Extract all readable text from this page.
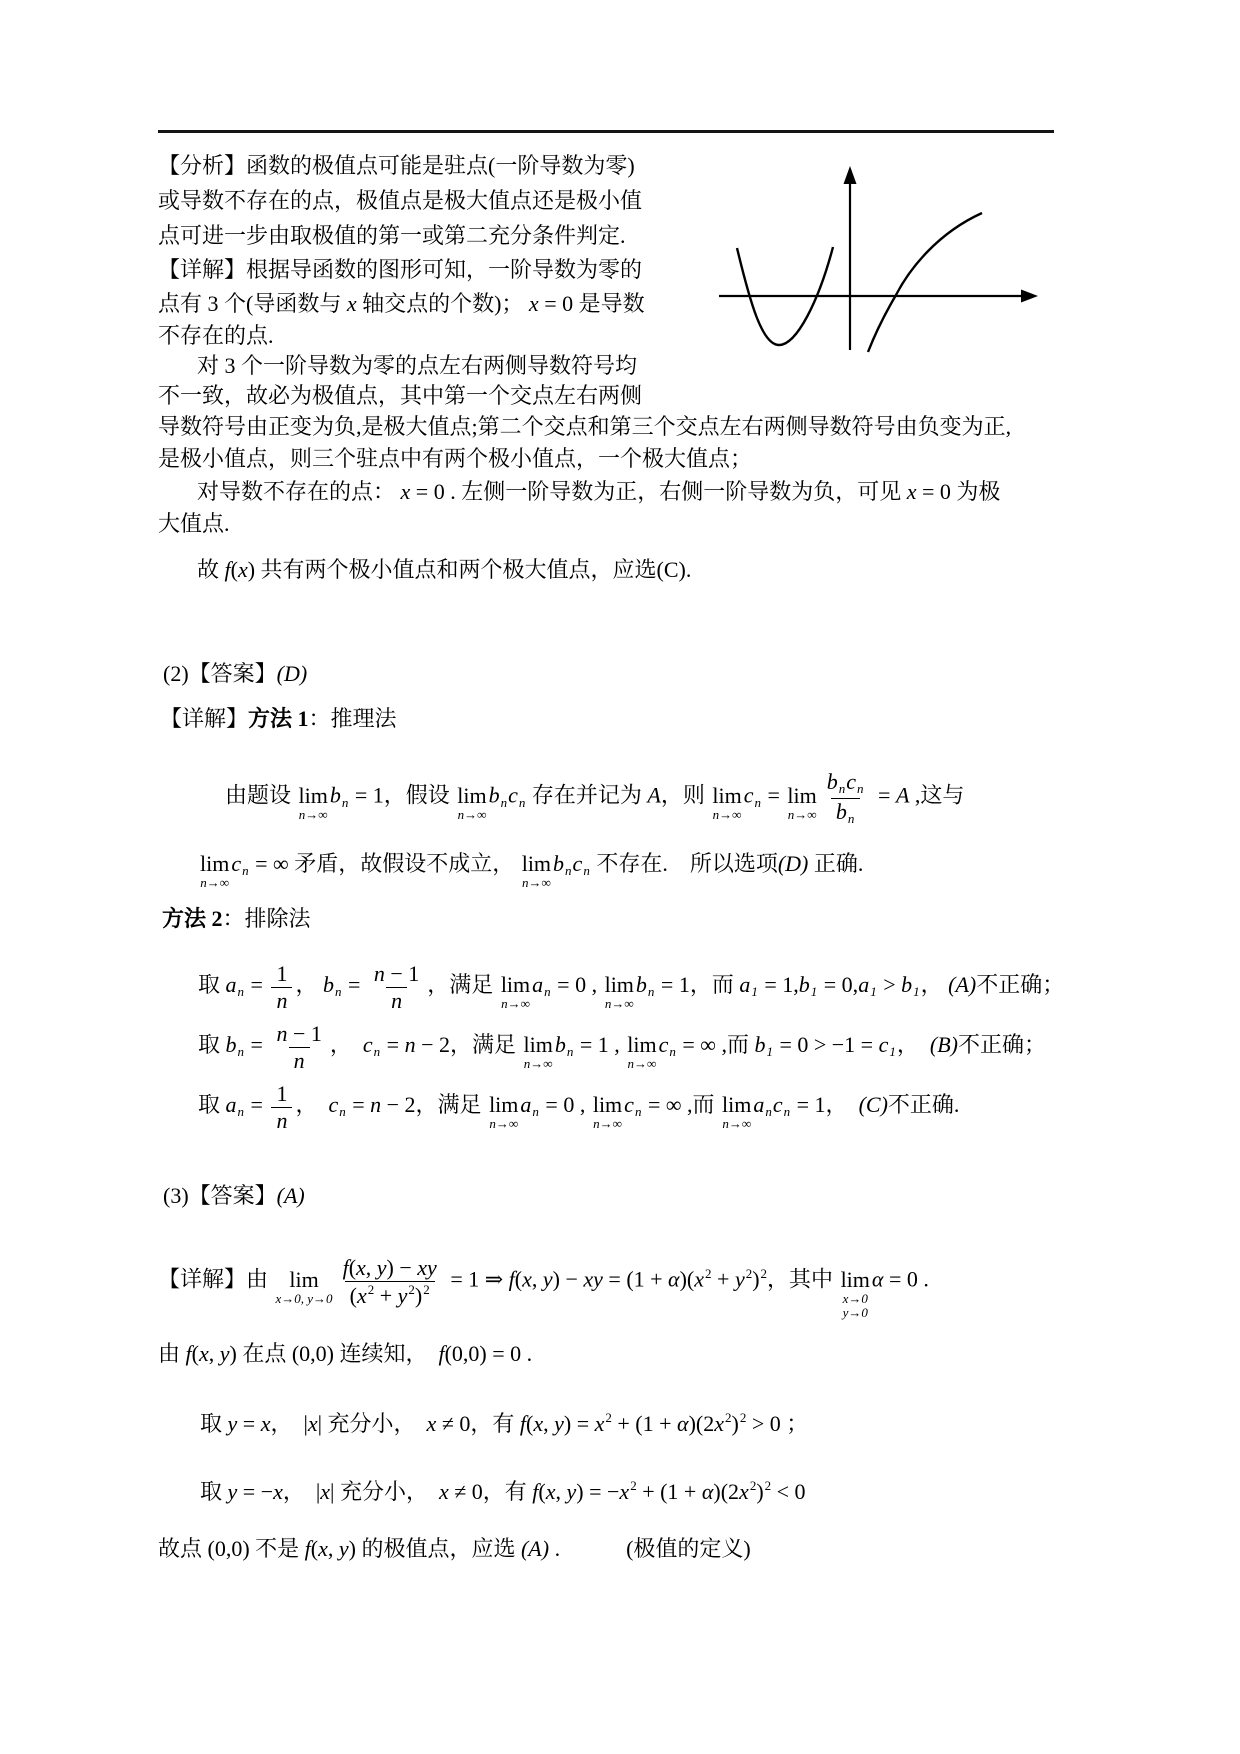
【分析】函数的极值点可能是驻点(一阶导数为零)
或导数不存在的点，极值点是极大值点还是极小值
点可进一步由取极值的第一或第二充分条件判定.
【详解】根据导函数的图形可知，一阶导数为零的
点有 3 个(导函数与 x 轴交点的个数)； x = 0 是导数
不存在的点.
对 3 个一阶导数为零的点左右两侧导数符号均
不一致，故必为极值点，其中第一个交点左右两侧
导数符号由正变为负,是极大值点;第二个交点和第三个交点左右两侧导数符号由负变为正,
是极小值点，则三个驻点中有两个极小值点，一个极大值点；
对导数不存在的点： x = 0 . 左侧一阶导数为正，右侧一阶导数为负，可见 x = 0 为极
大值点.
故 f(x) 共有两个极小值点和两个极大值点，应选(C).
(2)【答案】(D)
【详解】方法 1：推理法
由题设 lim
n→∞
bn = 1，假设 lim
n→∞
bncn 存在并记为 A，则 lim
n→∞
cn = lim
n→∞
bncn
bn
= A ,这与
lim
n→∞
cn = ∞ 矛盾，故假设不成立， lim
n→∞
bncn 不存在.　所以选项(D) 正确.
方法 2：排除法
取 an = $\frac{1}{n}$ ， bn = $\frac{n - 1}{n}$ ，满足 lim
n→∞
an = 0 , lim
n→∞
bn = 1，而 a1 = 1,b1 = 0,a1 > b1， (A)不正确；
取 bn = $\frac{n - 1}{n}$ ，　cn = n − 2，满足 lim
n→∞
bn = 1 , lim
n→∞
cn = ∞ ,而 b1 = 0 > −1 = c1，　(B)不正确；
取 an = $\frac{1}{n}$ ，　cn = n − 2，满足 lim
n→∞
an = 0 , lim
n→∞
cn = ∞ ,而 lim
n→∞
ancn = 1，　(C)不正确.
(3)【答案】(A)
【详解】由 lim
x→0, $y\to 0 \frac{f(x, y) - xy}{(x^2 + y^2)^2} = 1$ ⇒ f(x, y) − xy = $(1 + \alpha)(x^2 + y^2)^2$，其中 lim
x→0
y→0
α = 0 .
由 f(x, y) 在点 (0,0) 连续知，　f(0,0) = 0 .
取 y = x，　|x| 充分小，　x ≠ 0，有 f(x, $y) = x^2 + (1 + \alpha)(2x^2)^2 > 0$ ；
取 y = −x，　|x| 充分小，　x ≠ 0，有 f(x, $y) = -x^2 + (1 + \alpha)(2x^2)^2 < 0$
故点 (0,0) 不是 f(x, y) 的极值点，应选 (A) .　　　(极值的定义)
